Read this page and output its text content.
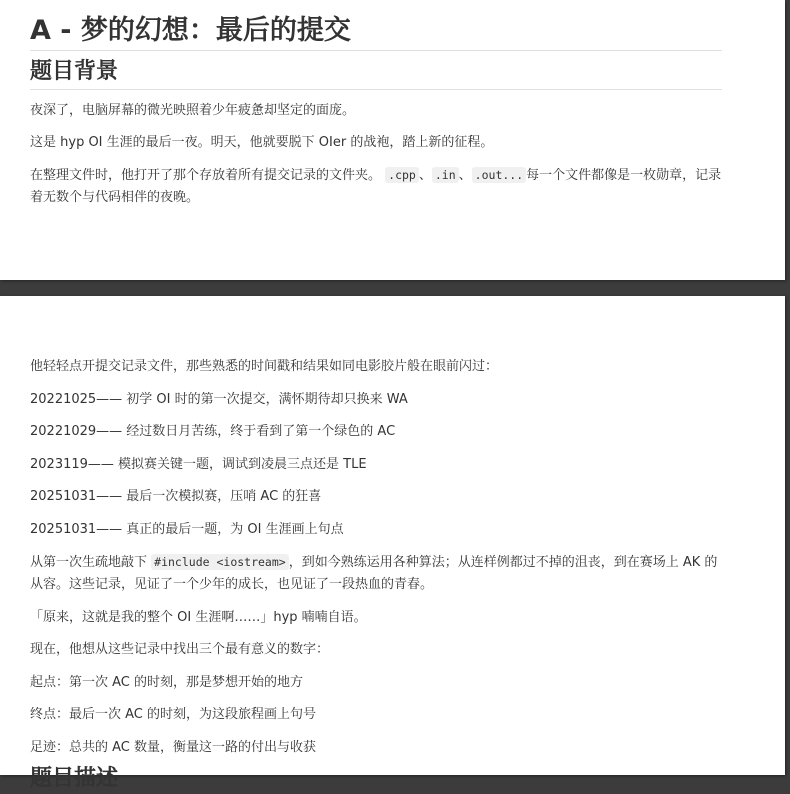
A - 梦的幻想：最后的提交
题目背景

夜深了，电脑屏幕的微光映照着少年疲惫却坚定的面庞。

这是 hyp OI 生涯的最后一夜。明天，他就要脱下 OIer 的战袍，踏上新的征程。

在整理文件时，他打开了那个存放着所有提交记录的文件夹。 .cpp 、 .in 、 .out... 每一个文件都像是一枚勋章，记录着无数个与代码相伴的夜晚。

他轻轻点开提交记录文件，那些熟悉的时间戳和结果如同电影胶片般在眼前闪过：

20221025—— 初学 OI 时的第一次提交，满怀期待却只换来 WA

20221029—— 经过数日月苦练，终于看到了第一个绿色的 AC

2023119—— 模拟赛关键一题，调试到凌晨三点还是 TLE

20251031—— 最后一次模拟赛，压哨 AC 的狂喜

20251031—— 真正的最后一题，为 OI 生涯画上句点

从第一次生疏地敲下 #include <iostream> ，到如今熟练运用各种算法；从连样例都过不掉的沮丧，到在赛场上 AK 的从容。这些记录，见证了一个少年的成长，也见证了一段热血的青春。

「原来，这就是我的整个 OI 生涯啊……」hyp 喃喃自语。

现在，他想从这些记录中找出三个最有意义的数字：

起点：第一次 AC 的时刻，那是梦想开始的地方

终点：最后一次 AC 的时刻，为这段旅程画上句号

足迹：总共的 AC 数量，衡量这一路的付出与收获

题目描述
